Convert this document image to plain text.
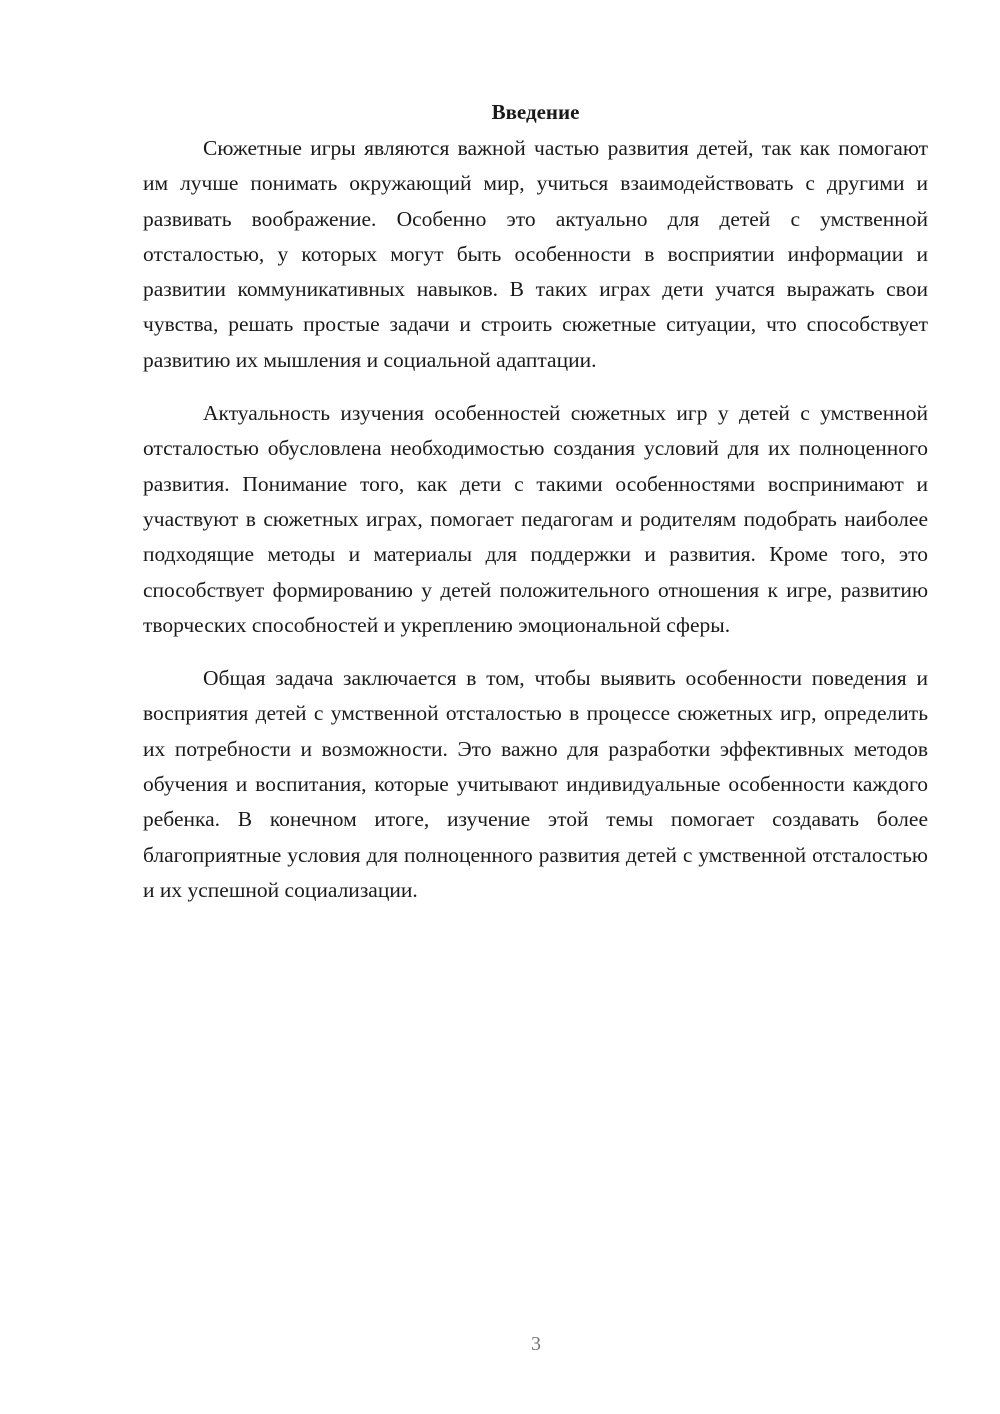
Введение

Сюжетные игры являются важной частью развития детей, так как помогают им лучше понимать окружающий мир, учиться взаимодействовать с другими и развивать воображение. Особенно это актуально для детей с умственной отсталостью, у которых могут быть особенности в восприятии информации и развитии коммуникативных навыков. В таких играх дети учатся выражать свои чувства, решать простые задачи и строить сюжетные ситуации, что способствует развитию их мышления и социальной адаптации.

Актуальность изучения особенностей сюжетных игр у детей с умственной отсталостью обусловлена необходимостью создания условий для их полноценного развития. Понимание того, как дети с такими особенностями воспринимают и участвуют в сюжетных играх, помогает педагогам и родителям подобрать наиболее подходящие методы и материалы для поддержки и развития. Кроме того, это способствует формированию у детей положительного отношения к игре, развитию творческих способностей и укреплению эмоциональной сферы.

Общая задача заключается в том, чтобы выявить особенности поведения и восприятия детей с умственной отсталостью в процессе сюжетных игр, определить их потребности и возможности. Это важно для разработки эффективных методов обучения и воспитания, которые учитывают индивидуальные особенности каждого ребенка. В конечном итоге, изучение этой темы помогает создавать более благоприятные условия для полноценного развития детей с умственной отсталостью и их успешной социализации.

3
